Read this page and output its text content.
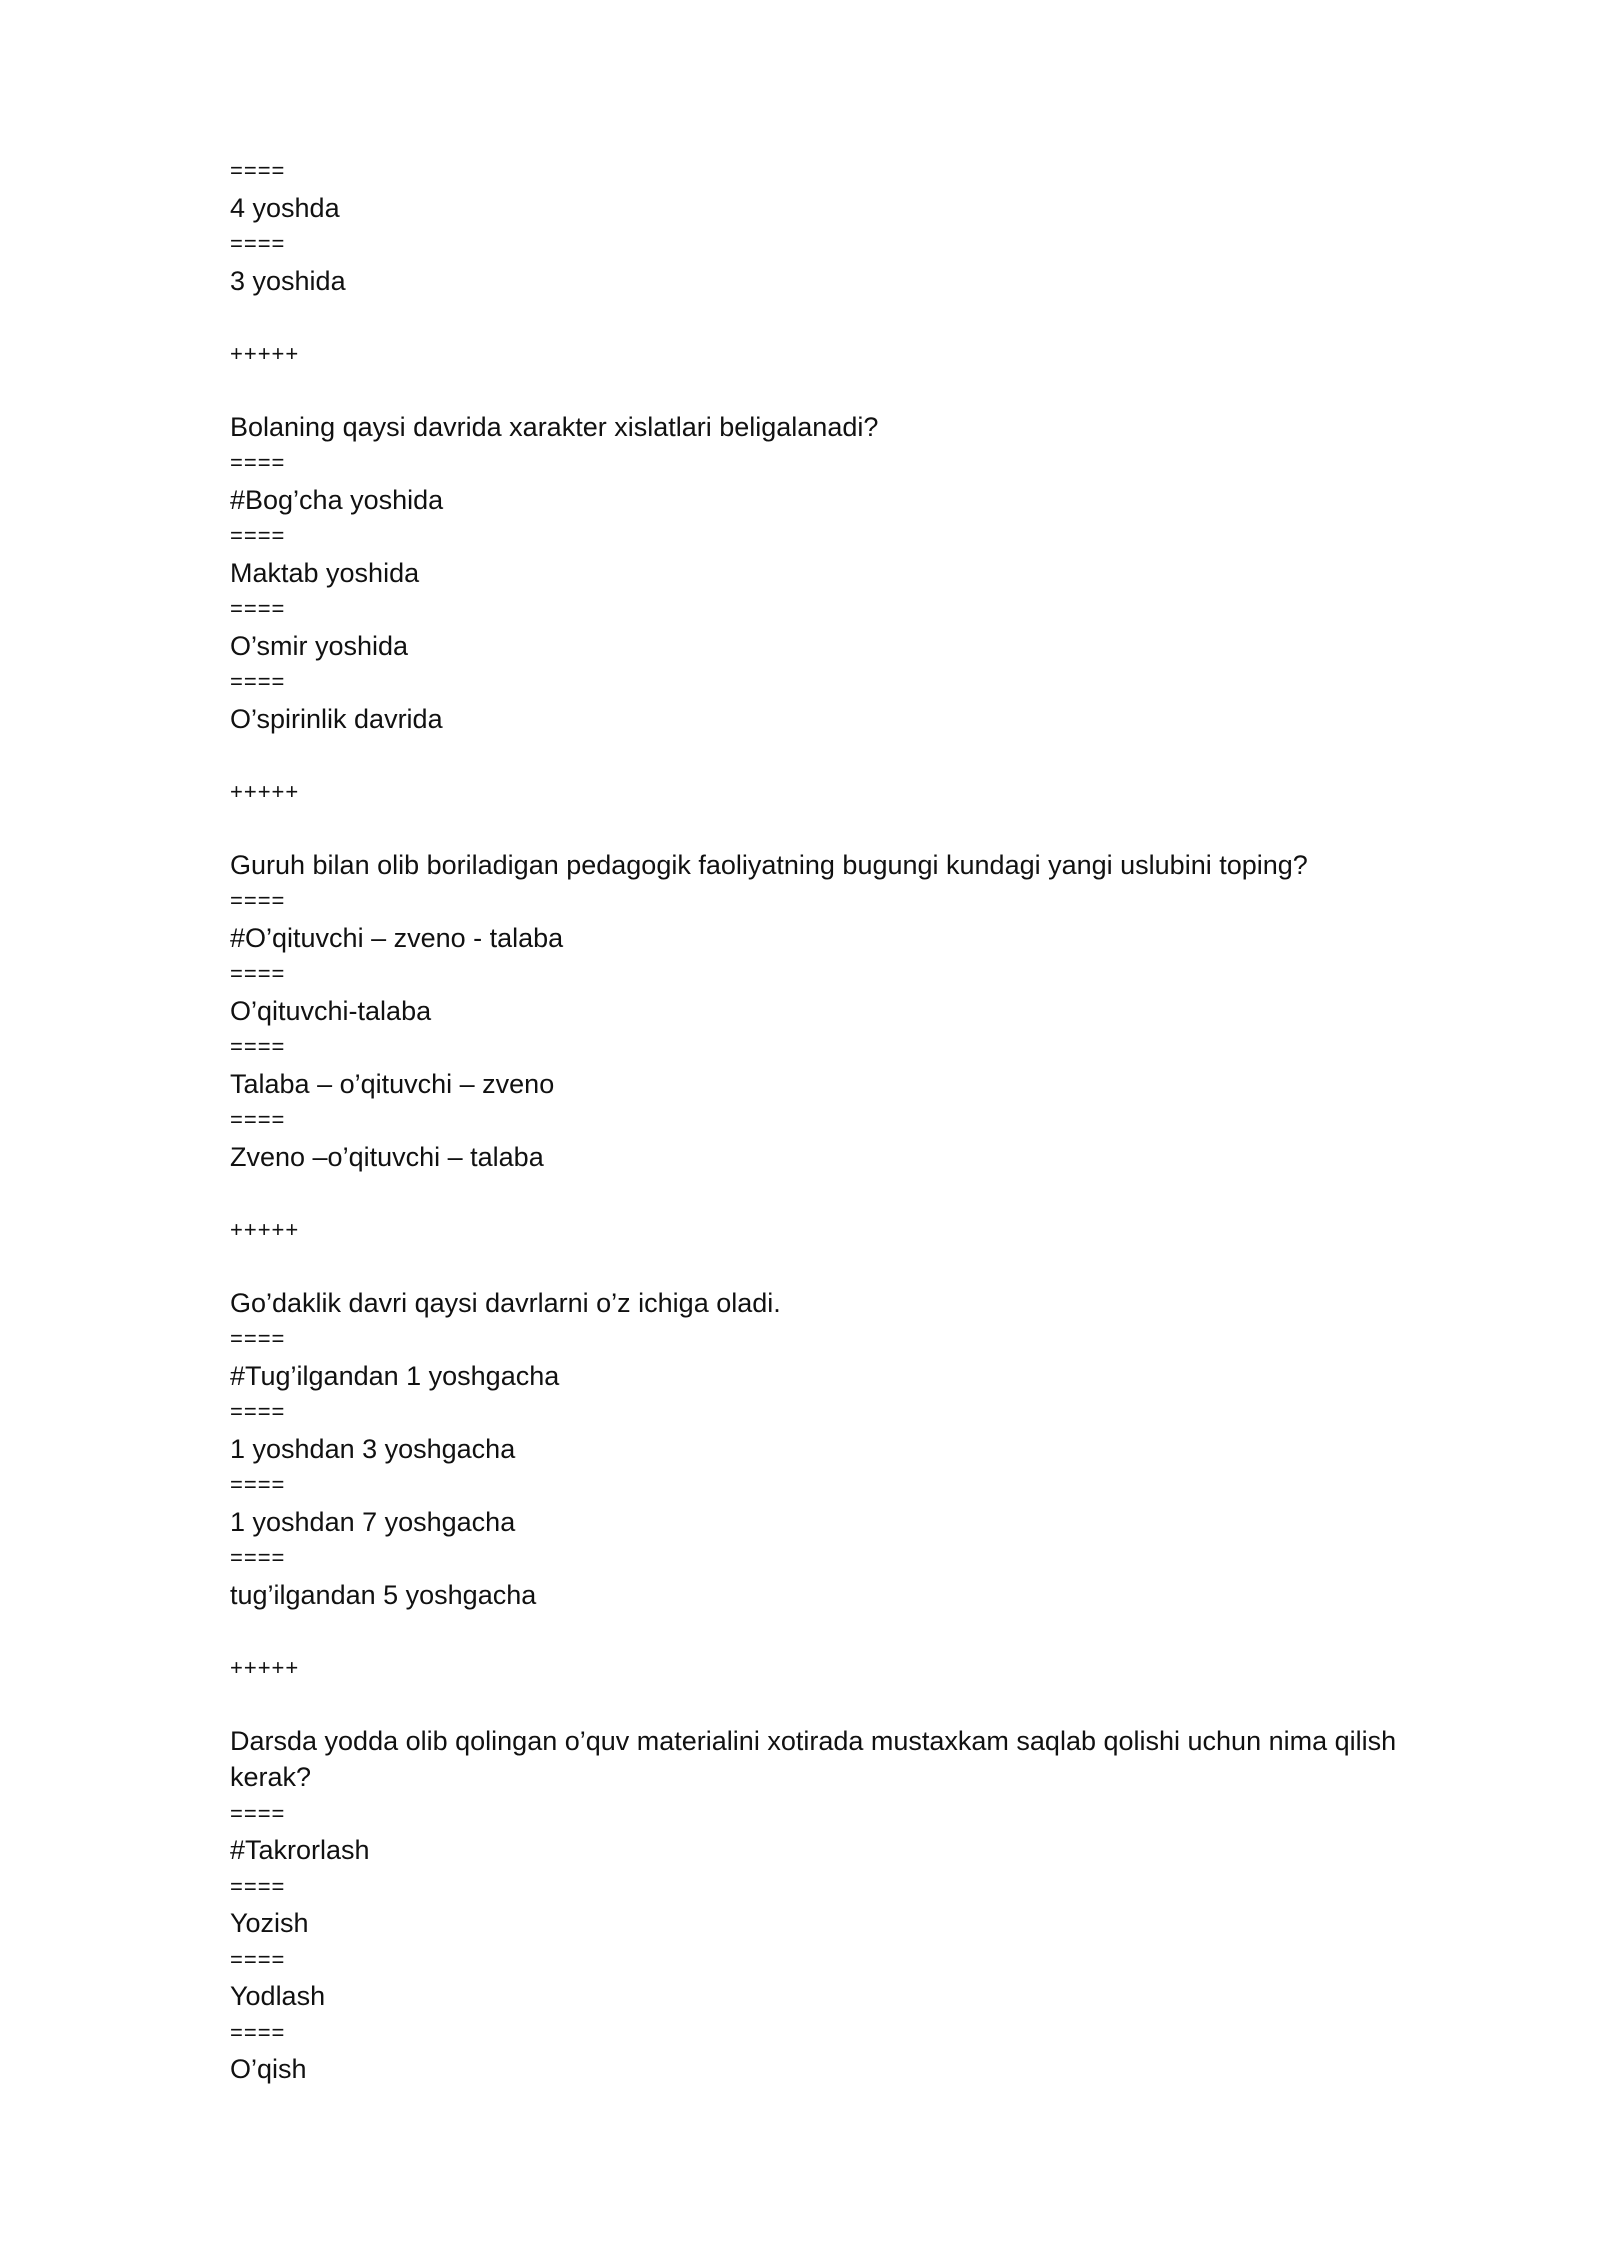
====
4 yoshda
====
3 yoshida
+++++
Bolaning qaysi davrida xarakter xislatlari beligalanadi?
====
#Bog’cha yoshida
====
Maktab yoshida
====
O’smir yoshida
====
O’spirinlik davrida
+++++
Guruh bilan olib boriladigan pedagogik faoliyatning bugungi kundagi yangi uslubini toping?
====
#O’qituvchi – zveno - talaba
====
O’qituvchi-talaba
====
Talaba – o’qituvchi – zveno
====
Zveno –o’qituvchi – talaba
+++++
Go’daklik davri qaysi davrlarni o’z ichiga oladi.
====
#Tug’ilgandan 1 yoshgacha
====
1 yoshdan 3 yoshgacha
====
1 yoshdan 7 yoshgacha
====
tug’ilgandan 5 yoshgacha
+++++
Darsda yodda olib qolingan o’quv materialini xotirada mustaxkam saqlab qolishi uchun nima qilish kerak?
====
#Takrorlash
====
Yozish
====
Yodlash
====
O’qish
